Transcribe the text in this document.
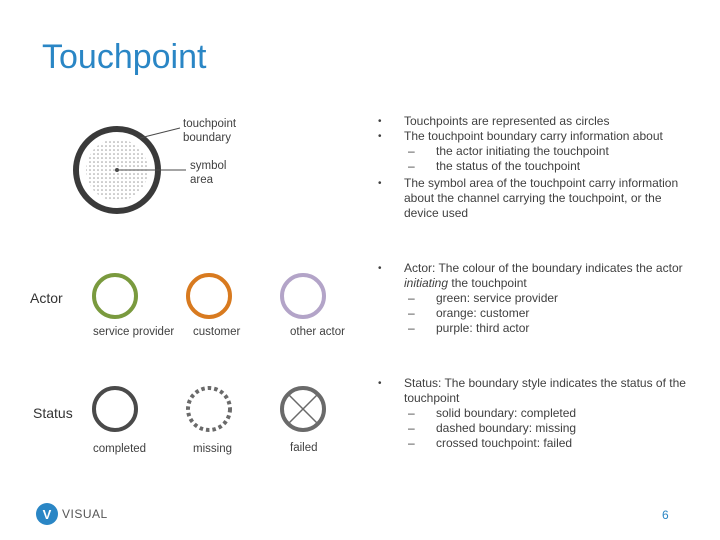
Touchpoint
touchpoint
boundary
symbol
area
Actor
service provider customer	other actor
Status
completed	missing	failed
• Touchpoints are represented as circles
• The touchpoint boundary carry information about
– the actor initiating the touchpoint
– the status of the touchpoint
• The symbol area of the touchpoint carry information about the channel carrying the touchpoint, or the device used
• Actor: The colour of the boundary indicates the actor initiating the touchpoint
– green: service provider
– orange: customer
– purple: third actor
• Status: The boundary style indicates the status of the touchpoint
– solid boundary: completed
– dashed boundary: missing
– crossed touchpoint: failed
V VISUAL	6
